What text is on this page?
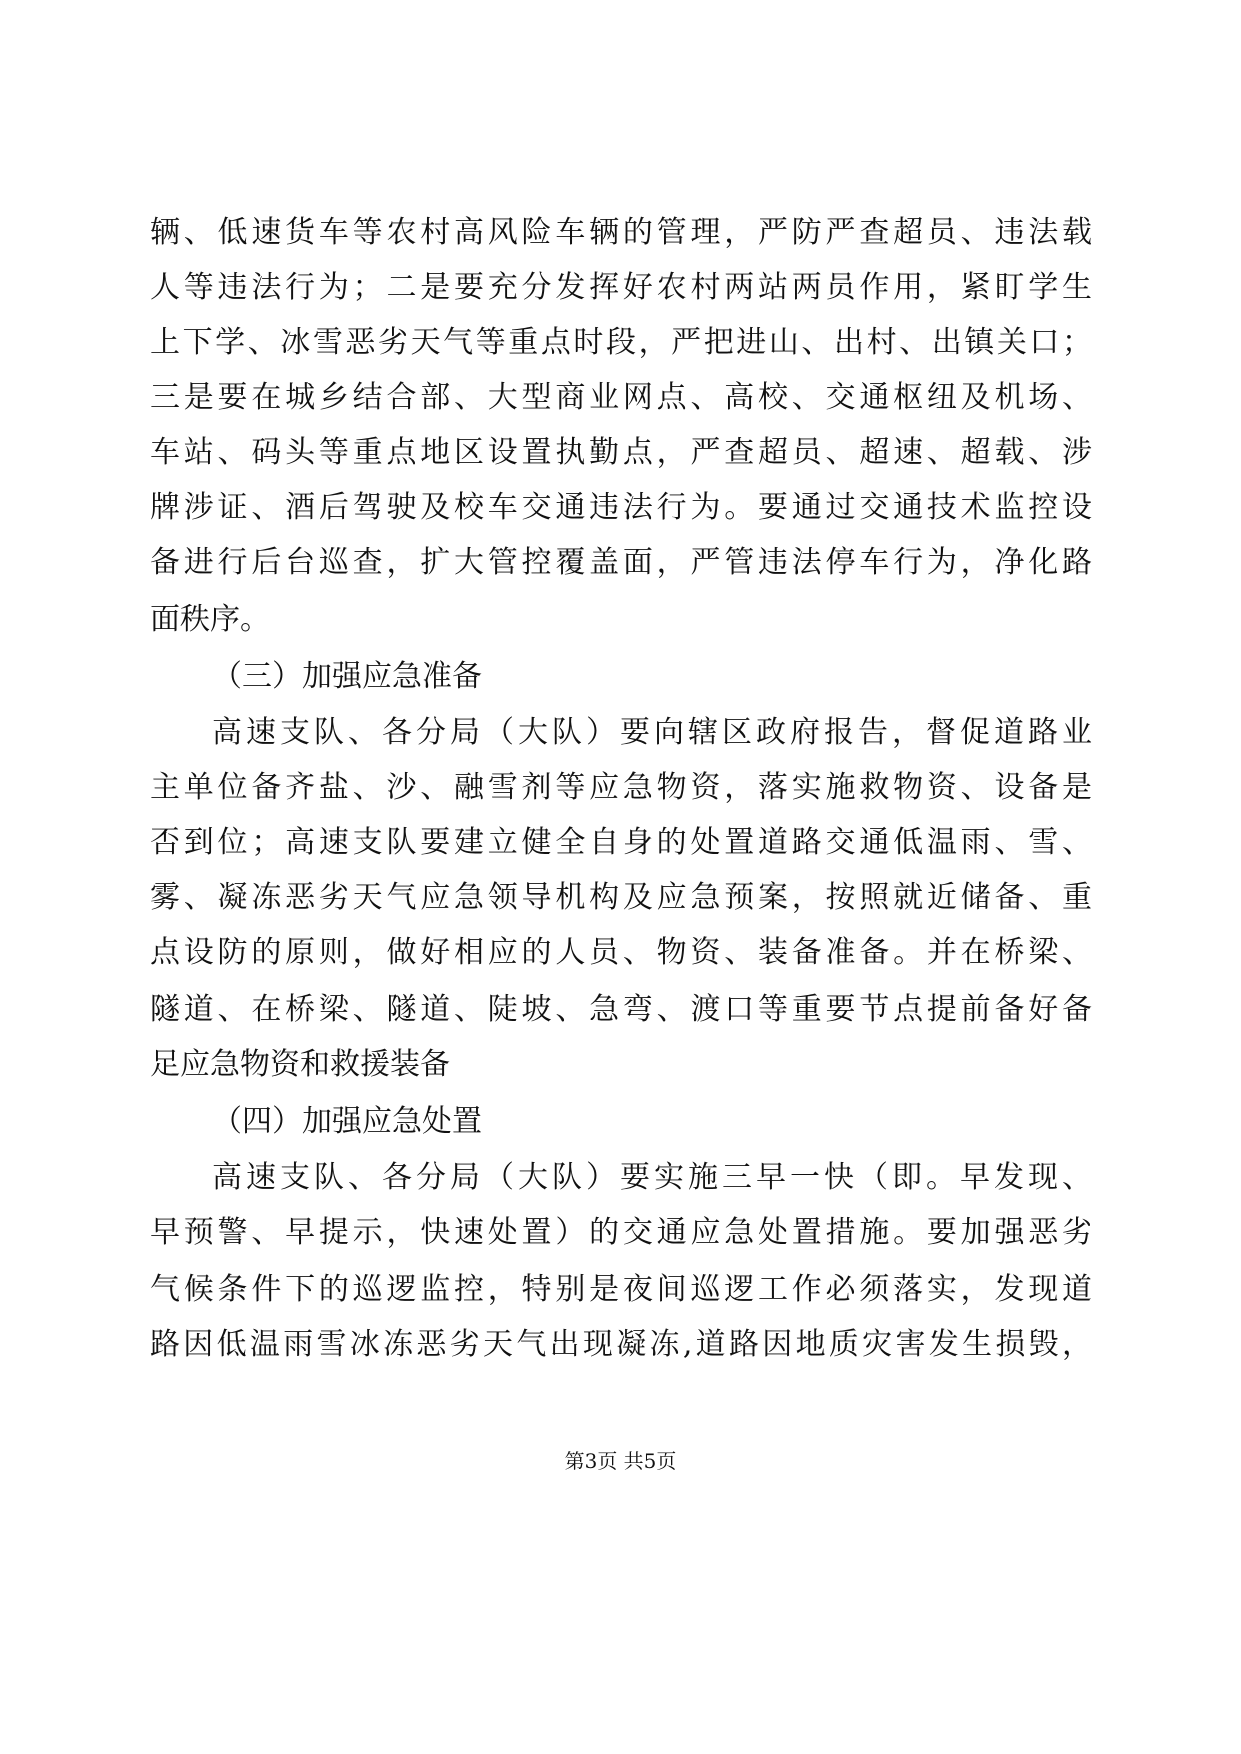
辆、低速货车等农村高风险车辆的管理，严防严查超员、违法载
人等违法行为；二是要充分发挥好农村两站两员作用，紧盯学生
上下学、冰雪恶劣天气等重点时段，严把进山、出村、出镇关口；
三是要在城乡结合部、大型商业网点、高校、交通枢纽及机场、
车站、码头等重点地区设置执勤点，严查超员、超速、超载、涉
牌涉证、酒后驾驶及校车交通违法行为。要通过交通技术监控设
备进行后台巡查，扩大管控覆盖面，严管违法停车行为，净化路
面秩序。
（三）加强应急准备
高速支队、各分局（大队）要向辖区政府报告，督促道路业
主单位备齐盐、沙、融雪剂等应急物资，落实施救物资、设备是
否到位；高速支队要建立健全自身的处置道路交通低温雨、雪、
雾、凝冻恶劣天气应急领导机构及应急预案，按照就近储备、重
点设防的原则，做好相应的人员、物资、装备准备。并在桥梁、
隧道、在桥梁、隧道、陡坡、急弯、渡口等重要节点提前备好备
足应急物资和救援装备
（四）加强应急处置
高速支队、各分局（大队）要实施三早一快（即。早发现、
早预警、早提示，快速处置）的交通应急处置措施。要加强恶劣
气候条件下的巡逻监控，特别是夜间巡逻工作必须落实，发现道
路因低温雨雪冰冻恶劣天气出现凝冻,道路因地质灾害发生损毁，
第3页 共5页
